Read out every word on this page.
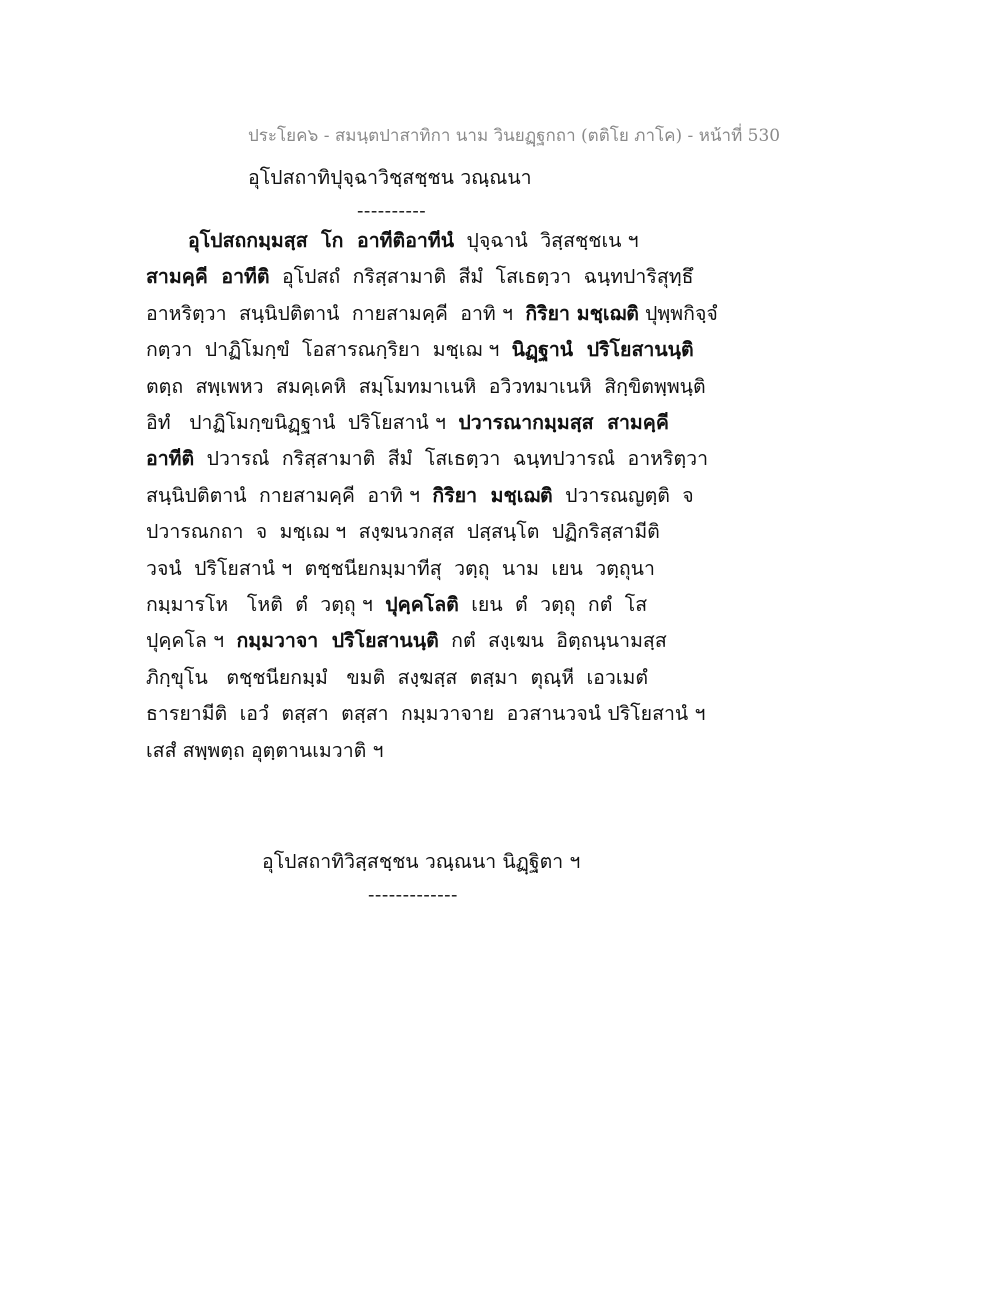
ประโยค๖ - สมนฺตปาสาทิกา นาม วินยฏฺฐกถา (ตติโย ภาโค) - หน้าที่ 530
อุโปสถาทิปุจฺฉาวิชฺสชฺชน วณฺณนา
----------
อุโปสถกมฺมสฺส  โก  อาทีติอาทีนํ  ปุจฺฉานํ  วิสฺสชฺชเน ฯ
สามคฺคี  อาทีติ  อุโปสถํ  กริสฺสามาติ  สีมํ  โสเธตฺวา  ฉนฺทปาริสุทฺธึ
อาหริตฺวา  สนฺนิปติตานํ  กายสามคฺคี  อาทิ ฯ  กิริยา มชฺเฌติ ปุพฺพกิจฺจํ
กตฺวา  ปาฏิโมกฺขํ  โอสารณกฺริยา  มชฺเฌ ฯ  นิฏฺฐานํ  ปริโยสานนฺติ
ตตฺถ  สพฺเพหว  สมคฺเคหิ  สมฺโมทมาเนหิ  อวิวทมาเนหิ  สิกฺขิตพฺพนฺติ
อิทํ   ปาฏิโมกฺขนิฏฺฐานํ  ปริโยสานํ ฯ  ปวารณากมฺมสฺส  สามคฺคี
อาทีติ  ปวารณํ  กริสฺสามาติ  สีมํ  โสเธตฺวา  ฉนฺทปวารณํ  อาหริตฺวา
สนฺนิปติตานํ  กายสามคฺคี  อาทิ ฯ  กิริยา  มชฺเฌติ  ปวารณญตฺติ  จ
ปวารณกถา  จ  มชฺเฌ ฯ  สงฺฆนวกสฺส  ปสฺสนฺโต  ปฏิกริสฺสามีติ
วจนํ  ปริโยสานํ ฯ  ตชฺชนียกมฺมาทีสุ  วตฺถุ  นาม  เยน  วตฺถุนา
กมฺมารโห   โหติ  ตํ  วตฺถุ ฯ  ปุคฺคโลติ  เยน  ตํ  วตฺถุ  กตํ  โส
ปุคฺคโล ฯ  กมฺมวาจา  ปริโยสานนฺติ  กตํ  สงฺเฆน  อิตฺถนฺนามสฺส
ภิกฺขุโน   ตชฺชนียกมฺมํ   ขมติ  สงฺฆสฺส  ตสฺมา  ตุณฺหี  เอวเมตํ
ธารยามีติ  เอวํ  ตสฺสา  ตสฺสา  กมฺมวาจาย  อวสานวจนํ ปริโยสานํ ฯ
เสสํ สพฺพตฺถ อุตฺตานเมวาติ ฯ
อุโปสถาทิวิสฺสชฺชน วณฺณนา นิฏฺฐิตา ฯ
-------------
